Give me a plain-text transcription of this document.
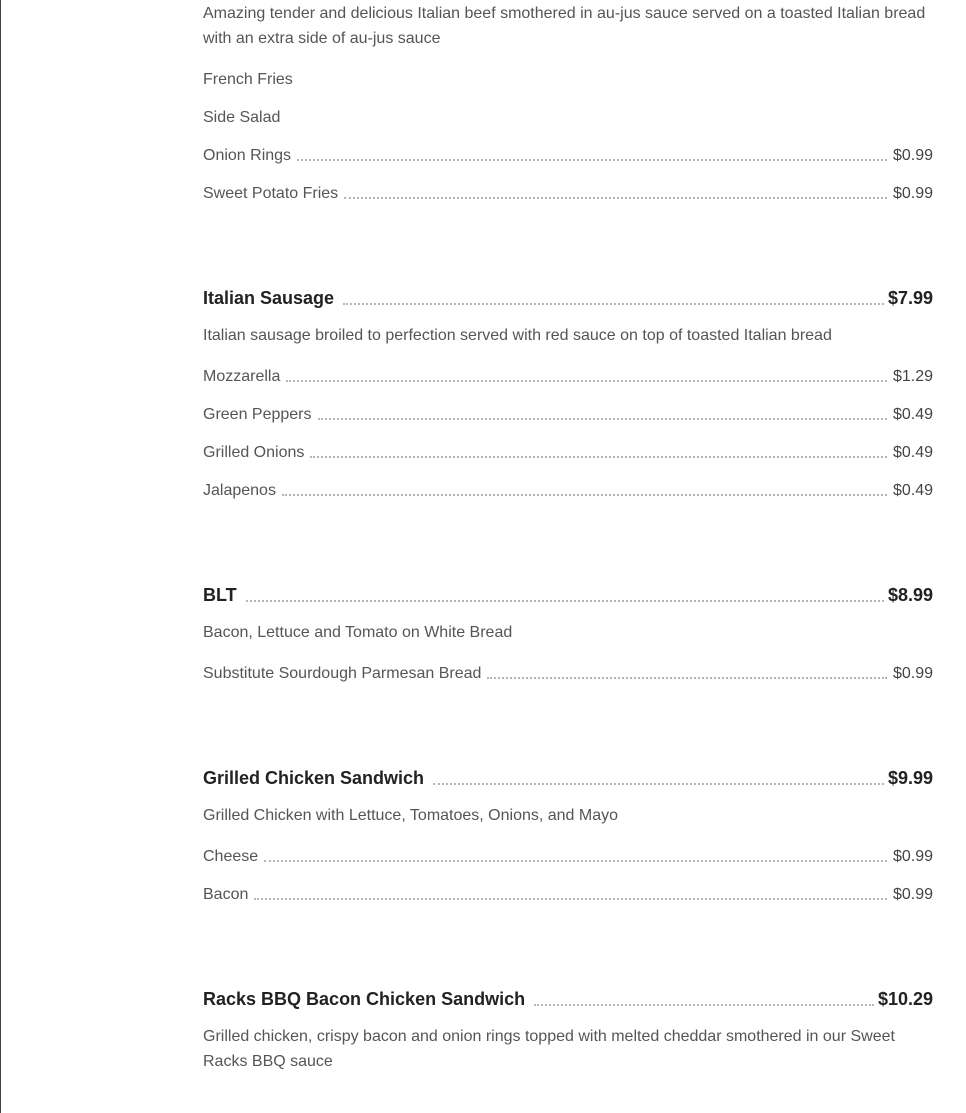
Amazing tender and delicious Italian beef smothered in au-jus sauce served on a toasted Italian bread with an extra side of au-jus sauce
French Fries
Side Salad
Onion Rings	$0.99
Sweet Potato Fries	$0.99
Italian Sausage	$7.99
Italian sausage broiled to perfection served with red sauce on top of toasted Italian bread
Mozzarella	$1.29
Green Peppers	$0.49
Grilled Onions	$0.49
Jalapenos	$0.49
BLT	$8.99
Bacon, Lettuce and Tomato on White Bread
Substitute Sourdough Parmesan Bread	$0.99
Grilled Chicken Sandwich	$9.99
Grilled Chicken with Lettuce, Tomatoes, Onions, and Mayo
Cheese	$0.99
Bacon	$0.99
Racks BBQ Bacon Chicken Sandwich	$10.29
Grilled chicken, crispy bacon and onion rings topped with melted cheddar smothered in our Sweet Racks BBQ sauce
